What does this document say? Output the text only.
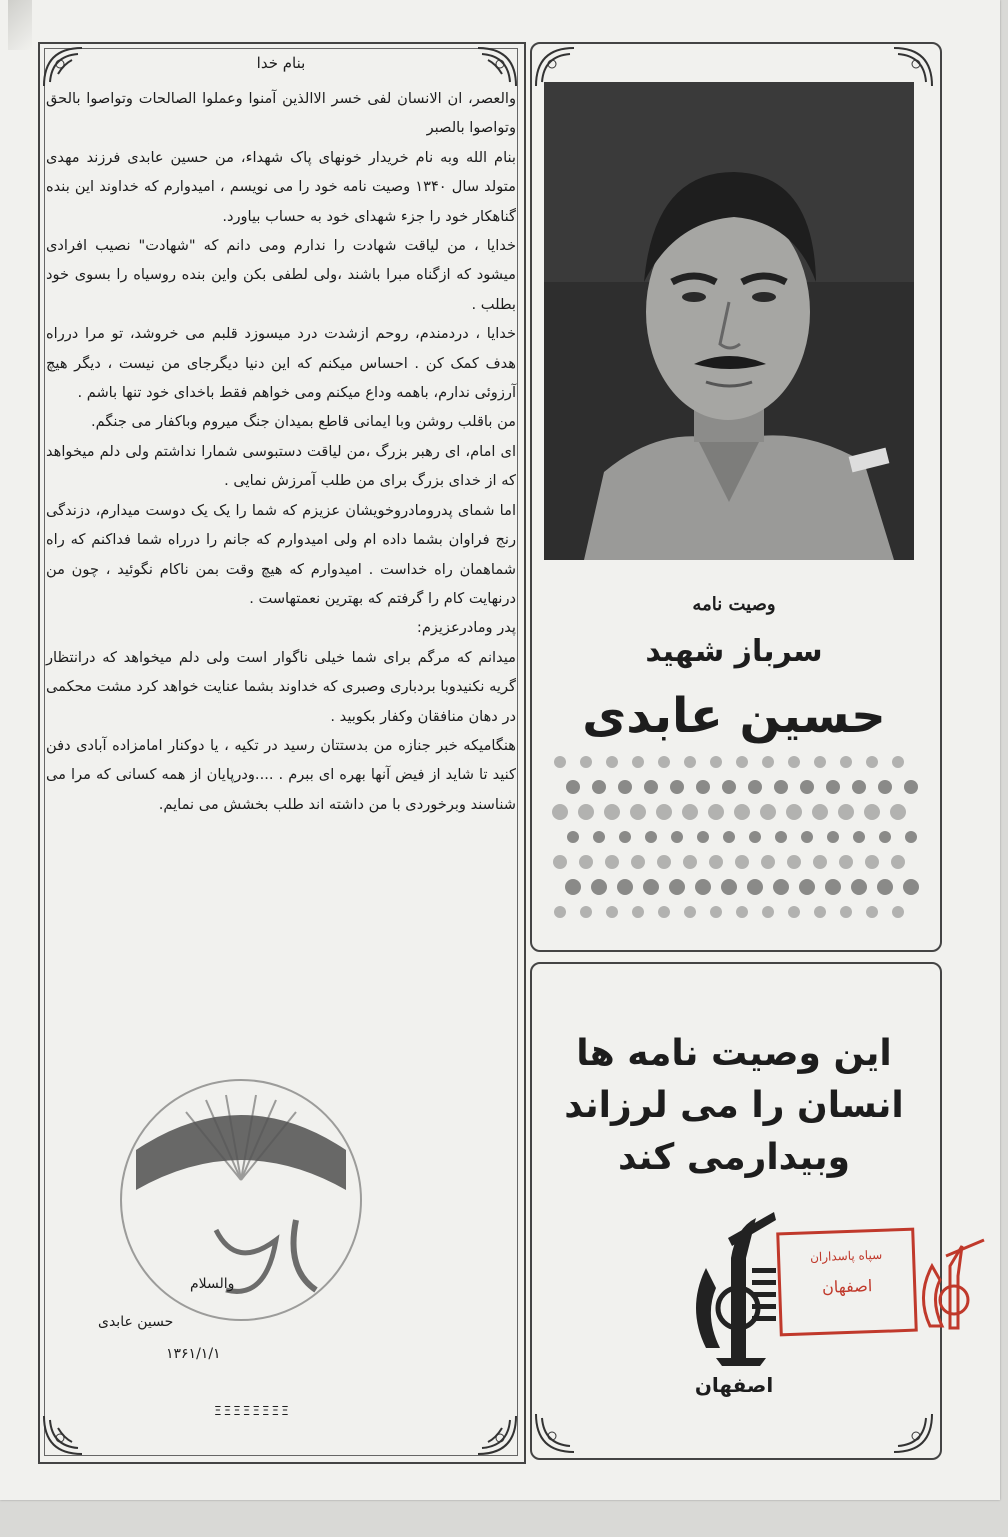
بنام خدا

والعصر، ان الانسان لفی خسر الاالذین آمنوا وعملوا الصالحات وتواصوا بالحق وتواصوا بالصبر

بنام الله وبه نام خریدار خونهای پاک شهداء، من حسین عابدی فرزند مهدی متولد سال ۱۳۴۰ وصیت نامه خود را می نویسم ، امیدوارم که خداوند این بنده گناهکار خود را جزء شهدای خود به حساب بیاورد.

خدایا ، من لیاقت شهادت را ندارم ومی دانم که "شهادت" نصیب افرادی میشود که ازگناه مبرا باشند ،ولی لطفی بکن واین بنده روسیاه را بسوی خود بطلب .

خدایا ، دردمندم، روحم ازشدت درد میسوزد قلبم می خروشد، تو مرا درراه هدف کمک کن . احساس میکنم که این دنیا دیگرجای من نیست ، دیگر هیچ آرزوئی ندارم، باهمه وداع میکنم ومی خواهم فقط باخدای خود تنها باشم .

من باقلب روشن وبا ایمانی قاطع بمیدان جنگ میروم وباکفار می جنگم.

ای امام، ای رهبر بزرگ ،من لیاقت دستبوسی شمارا نداشتم ولی دلم میخواهد که از خدای بزرگ برای من طلب آمرزش نمایی .

اما شمای پدرومادروخویشان عزیزم که شما را یک یک دوست میدارم، دزندگی رنج فراوان بشما داده ام ولی امیدوارم که جانم را درراه شما فداکنم که راه شماهمان راه خداست . امیدوارم که هیچ وقت بمن ناکام نگوئید ، چون من درنهایت کام را گرفتم که بهترین نعمتهاست .

پدر ومادرعزیزم:

میدانم که مرگم برای شما خیلی ناگوار است ولی دلم میخواهد که درانتظار گریه نکنیدوبا بردباری وصبری که خداوند بشما عنایت خواهد کرد مشت محکمی در دهان منافقان وکفار بکوبید .

هنگامیکه خبر جنازه من بدستتان رسید در تکیه ، یا دوکنار امامزاده آبادی دفن کنید تا شاید از فیض آنها بهره ای ببرم . ....ودرپایان از همه کسانی که مرا می شناسند وبرخوردی با من داشته اند طلب بخشش می نمایم.

والسلام
حسین عابدی
۱۳۶۱/۱/۱
ΞΞΞΞΞΞΞΞ
وصیت نامه
سرباز شهید
حسین عابدی
این وصیت نامه ها
انسان را می لرزاند
وبیدارمی کند
اصفهان
سپاه پاسداران
اصفهان
